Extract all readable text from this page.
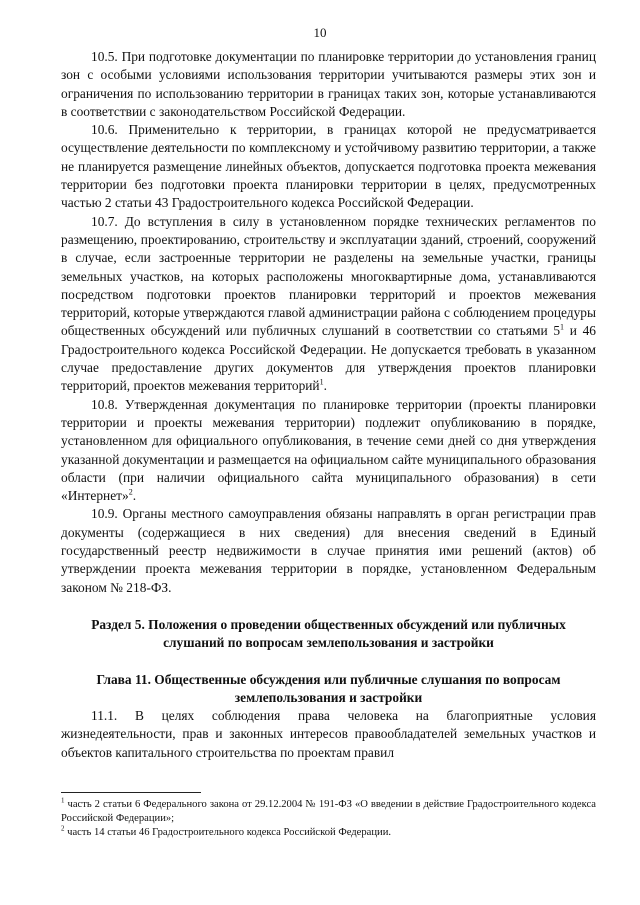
10

10.5. При подготовке документации по планировке территории до установления границ зон с особыми условиями использования территории учитываются размеры этих зон и ограничения по использованию территории в границах таких зон, которые устанавливаются в соответствии с законодательством Российской Федерации.

10.6. Применительно к территории, в границах которой не предусматривается осуществление деятельности по комплексному и устойчивому развитию территории, а также не планируется размещение линейных объектов, допускается подготовка проекта межевания территории без подготовки проекта планировки территории в целях, предусмотренных частью 2 статьи 43 Градостроительного кодекса Российской Федерации.

10.7. До вступления в силу в установленном порядке технических регламентов по размещению, проектированию, строительству и эксплуатации зданий, строений, сооружений в случае, если застроенные территории не разделены на земельные участки, границы земельных участков, на которых расположены многоквартирные дома, устанавливаются посредством подготовки проектов планировки территорий и проектов межевания территорий, которые утверждаются главой администрации района с соблюдением процедуры общественных обсуждений или публичных слушаний в соответствии со статьями $5^1$ и 46 Градостроительного кодекса Российской Федерации. Не допускается требовать в указанном случае предоставление других документов для утверждения проектов планировки территорий, проектов межевания территорий$^1$.

10.8. Утвержденная документация по планировке территории (проекты планировки территории и проекты межевания территории) подлежит опубликованию в порядке, установленном для официального опубликования, в течение семи дней со дня утверждения указанной документации и размещается на официальном сайте муниципального образования области (при наличии официального сайта муниципального образования) в сети «Интернет»$^2$.

10.9. Органы местного самоуправления обязаны направлять в орган регистрации прав документы (содержащиеся в них сведения) для внесения сведений в Единый государственный реестр недвижимости в случае принятия ими решений (актов) об утверждении проекта межевания территории в порядке, установленном Федеральным законом № 218-ФЗ.

Раздел 5. Положения о проведении общественных обсуждений или публичных слушаний по вопросам землепользования и застройки

Глава 11. Общественные обсуждения или публичные слушания по вопросам землепользования и застройки

11.1. В целях соблюдения права человека на благоприятные условия жизнедеятельности, прав и законных интересов правообладателей земельных участков и объектов капитального строительства по проектам правил

$^1$ часть 2 статьи 6 Федерального закона от 29.12.2004 № 191-ФЗ «О введении в действие Градостроительного кодекса Российской Федерации»;

$^2$ часть 14 статьи 46 Градостроительного кодекса Российской Федерации.
